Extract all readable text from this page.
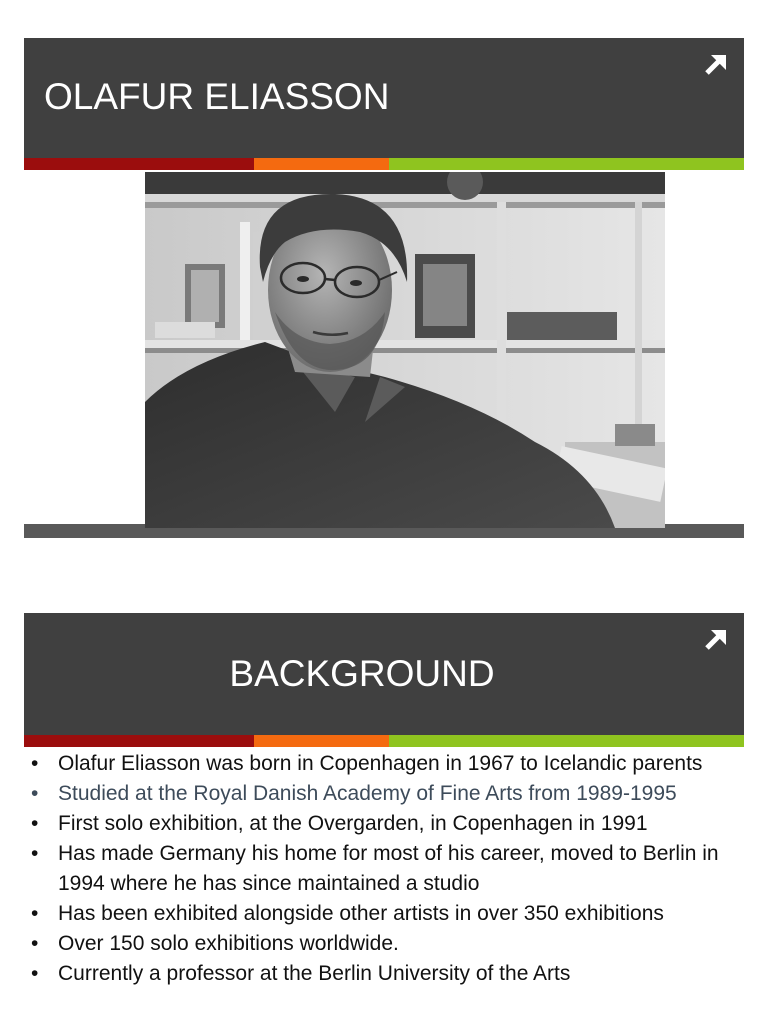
OLAFUR ELIASSON
BACKGROUND
• Olafur Eliasson was born in Copenhagen in 1967 to Icelandic parents
• Studied at the Royal Danish Academy of Fine Arts from 1989-1995
• First solo exhibition, at the Overgarden, in Copenhagen in 1991
• Has made Germany his home for most of his career, moved to Berlin in 1994 where he has since maintained a studio
• Has been exhibited alongside other artists in over 350 exhibitions
• Over 150 solo exhibitions worldwide.
• Currently a professor at the Berlin University of the Arts
